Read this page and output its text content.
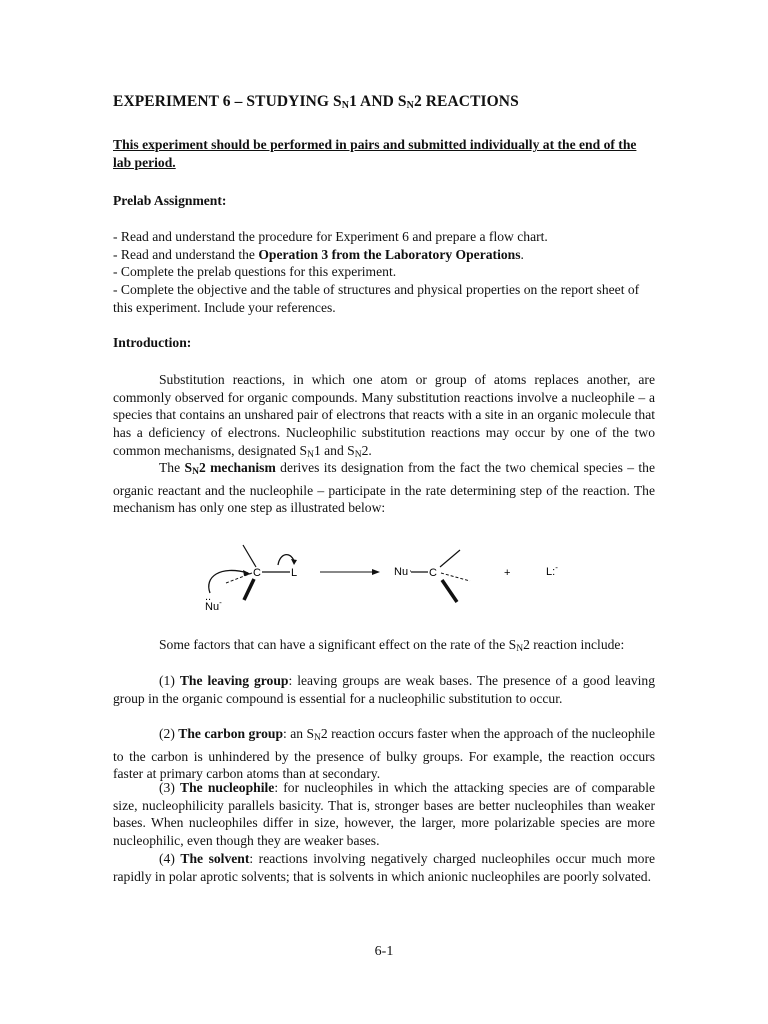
EXPERIMENT 6 – STUDYING $S_N1$ AND $S_N2$ REACTIONS
This experiment should be performed in pairs and submitted individually at the end of the lab period.
Prelab Assignment:
- Read and understand the procedure for Experiment 6 and prepare a flow chart.
- Read and understand the Operation 3 from the Laboratory Operations.
- Complete the prelab questions for this experiment.
- Complete the objective and the table of structures and physical properties on the report sheet of this experiment. Include your references.
Introduction:
Substitution reactions, in which one atom or group of atoms replaces another, are commonly observed for organic compounds. Many substitution reactions involve a nucleophile – a species that contains an unshared pair of electrons that reacts with a site in an organic molecule that has a deficiency of electrons. Nucleophilic substitution reactions may occur by one of the two common mechanisms, designated $S_N1$ and $S_N2$.
The $S_N2$ mechanism derives its designation from the fact the two chemical species – the organic reactant and the nucleophile – participate in the rate determining step of the reaction. The mechanism has only one step as illustrated below:
C	L
Nu-
..
Nu C	+	L:-
Some factors that can have a significant effect on the rate of the $S_N2$ reaction include:
(1) The leaving group: leaving groups are weak bases. The presence of a good leaving group in the organic compound is essential for a nucleophilic substitution to occur.
(2) The carbon group: an $S_N2$ reaction occurs faster when the approach of the nucleophile to the carbon is unhindered by the presence of bulky groups. For example, the reaction occurs faster at primary carbon atoms than at secondary.
(3) The nucleophile: for nucleophiles in which the attacking species are of comparable size, nucleophilicity parallels basicity. That is, stronger bases are better nucleophiles than weaker bases. When nucleophiles differ in size, however, the larger, more polarizable species are more nucleophilic, even though they are weaker bases.
(4) The solvent: reactions involving negatively charged nucleophiles occur much more rapidly in polar aprotic solvents; that is solvents in which anionic nucleophiles are poorly solvated.
6-1
